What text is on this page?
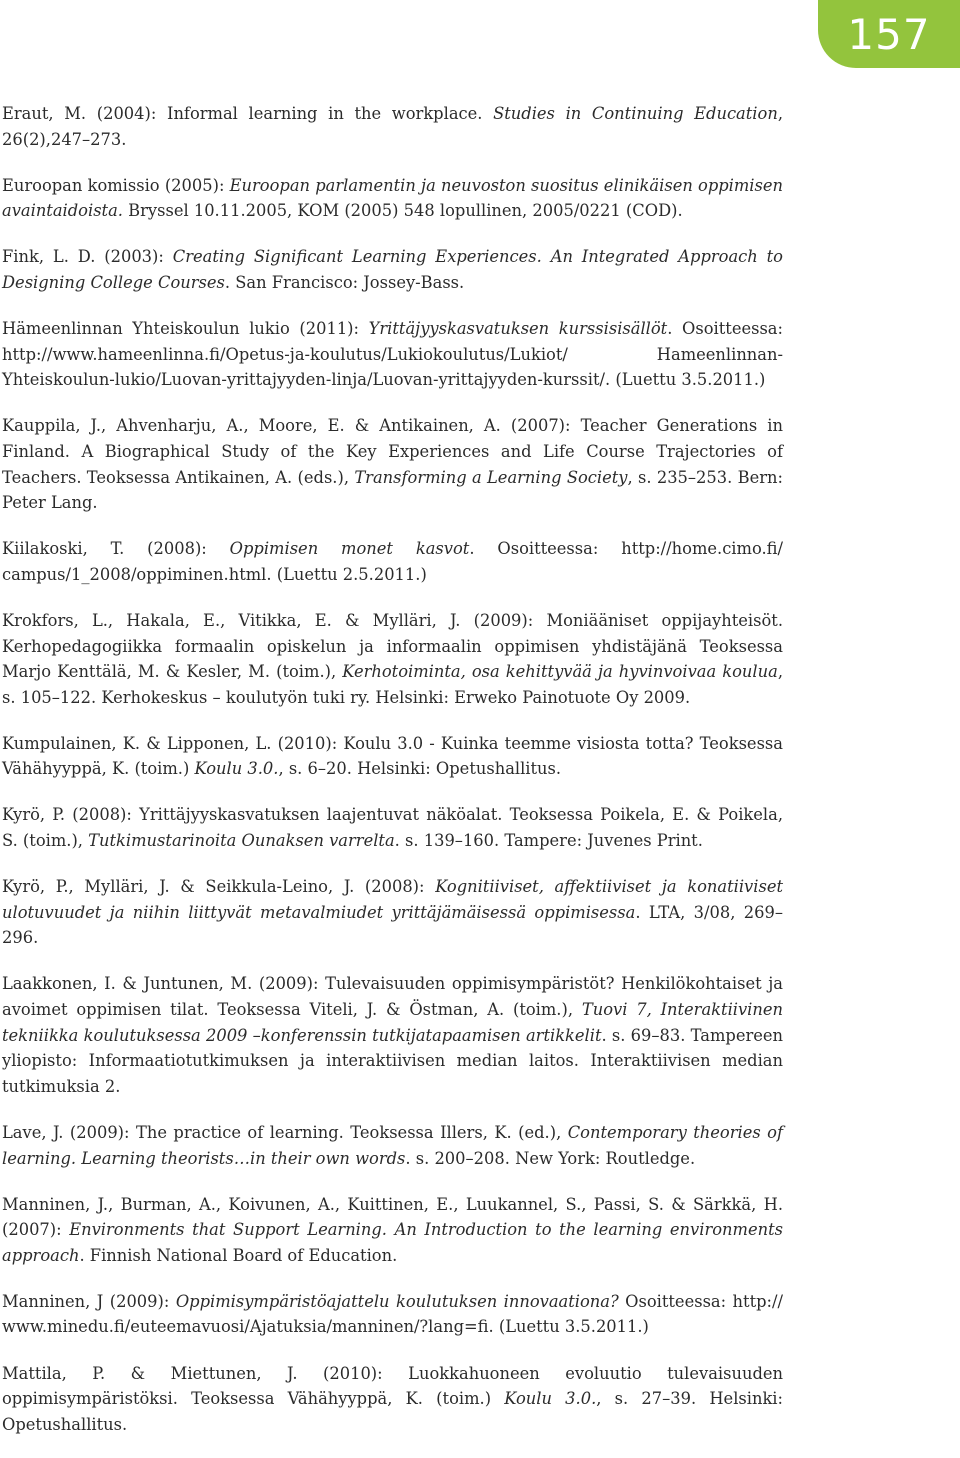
157

Eraut, M. (2004): Informal learning in the workplace. Studies in Continuing Education, 26(2),247–273.

Euroopan komissio (2005): Euroopan parlamentin ja neuvoston suositus elinikäisen oppimisen avaintaidoista. Bryssel 10.11.2005, KOM (2005) 548 lopullinen, 2005/0221 (COD).

Fink, L. D. (2003): Creating Significant Learning Experiences. An Integrated Approach to Designing College Courses. San Francisco: Jossey-Bass.

Hämeenlinnan Yhteiskoulun lukio (2011): Yrittäjyyskasvatuksen kurssisisällöt. Osoitteessa: http://www.hameenlinna.fi/Opetus-ja-koulutus/Lukiokoulutus/Lukiot/ Hameenlinnan-Yhteiskoulun-lukio/Luovan-yrittajyyden-linja/Luovan-yrittajyyden-kurssit/. (Luettu 3.5.2011.)

Kauppila, J., Ahvenharju, A., Moore, E. & Antikainen, A. (2007): Teacher Generations in Finland. A Biographical Study of the Key Experiences and Life Course Trajectories of Teachers. Teoksessa Antikainen, A. (eds.), Transforming a Learning Society, s. 235–253. Bern: Peter Lang.

Kiilakoski, T. (2008): Oppimisen monet kasvot. Osoitteessa: http://home.cimo.fi/ campus/1_2008/oppiminen.html. (Luettu 2.5.2011.)

Krokfors, L., Hakala, E., Vitikka, E. & Mylläri, J. (2009): Moniääniset oppijayhteisöt. Kerhopedagogiikka formaalin opiskelun ja informaalin oppimisen yhdistäjänä Teoksessa Marjo Kenttälä, M. & Kesler, M. (toim.), Kerhotoiminta, osa kehittyvää ja hyvinvoivaa koulua, s. 105–122. Kerhokeskus – koulutyön tuki ry. Helsinki: Erweko Painotuote Oy 2009.

Kumpulainen, K. & Lipponen, L. (2010): Koulu 3.0 - Kuinka teemme visiosta totta? Teoksessa Vähähyyppä, K. (toim.) Koulu 3.0., s. 6–20. Helsinki: Opetushallitus.

Kyrö, P. (2008): Yrittäjyyskasvatuksen laajentuvat näköalat. Teoksessa Poikela, E. & Poikela, S. (toim.), Tutkimustarinoita Ounaksen varrelta. s. 139–160. Tampere: Juvenes Print.

Kyrö, P., Mylläri, J. & Seikkula-Leino, J. (2008): Kognitiiviset, affektiiviset ja konatiiviset ulotuvuudet ja niihin liittyvät metavalmiudet yrittäjämäisessä oppimisessa. LTA, 3/08, 269–296.

Laakkonen, I. & Juntunen, M. (2009): Tulevaisuuden oppimisympäristöt? Henkilökohtaiset ja avoimet oppimisen tilat. Teoksessa Viteli, J. & Östman, A. (toim.), Tuovi 7, Interaktiivinen tekniikka koulutuksessa 2009 –konferenssin tutkijatapaamisen artikkelit. s. 69–83. Tampereen yliopisto: Informaatiotutkimuksen ja interaktiivisen median laitos. Interaktiivisen median tutkimuksia 2.

Lave, J. (2009): The practice of learning. Teoksessa Illers, K. (ed.), Contemporary theories of learning. Learning theorists…in their own words. s. 200–208. New York: Routledge.

Manninen, J., Burman, A., Koivunen, A., Kuittinen, E., Luukannel, S., Passi, S. & Särkkä, H. (2007): Environments that Support Learning. An Introduction to the learning environments approach. Finnish National Board of Education.

Manninen, J (2009): Oppimisympäristöajattelu koulutuksen innovaationa? Osoitteessa: http:// www.minedu.fi/euteemavuosi/Ajatuksia/manninen/?lang=fi. (Luettu 3.5.2011.)

Mattila, P. & Miettunen, J. (2010): Luokkahuoneen evoluutio tulevaisuuden oppimisympäristöksi. Teoksessa Vähähyyppä, K. (toim.) Koulu 3.0., s. 27–39. Helsinki: Opetushallitus.
